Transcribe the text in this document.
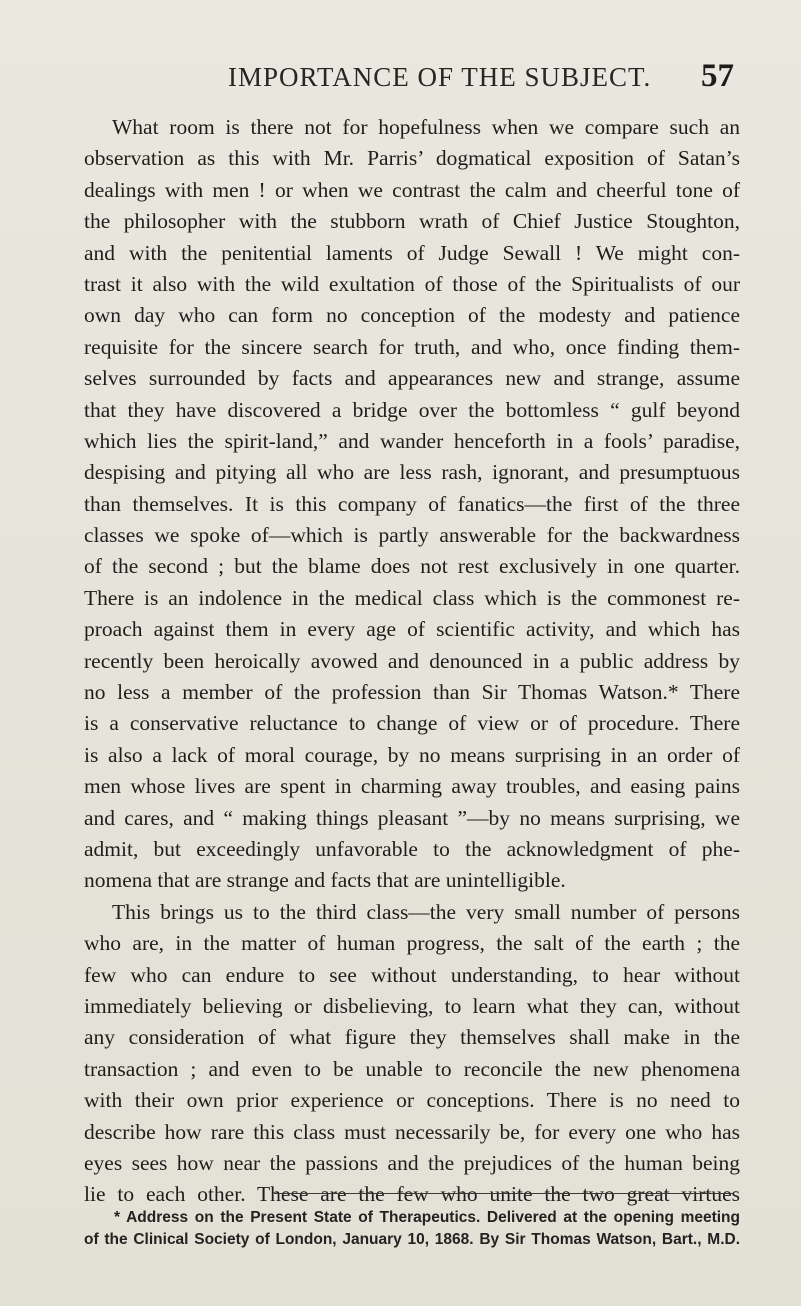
IMPORTANCE OF THE SUBJECT. 57
What room is there not for hopefulness when we compare such an
observation as this with Mr. Parris’ dogmatical exposition of Satan’s
dealings with men ! or when we contrast the calm and cheerful tone of
the philosopher with the stubborn wrath of Chief Justice Stoughton,
and with the penitential laments of Judge Sewall ! We might con-
trast it also with the wild exultation of those of the Spiritualists of our
own day who can form no conception of the modesty and patience
requisite for the sincere search for truth, and who, once finding them-
selves surrounded by facts and appearances new and strange, assume
that they have discovered a bridge over the bottomless “ gulf beyond
which lies the spirit-land,” and wander henceforth in a fools’ paradise,
despising and pitying all who are less rash, ignorant, and presumptuous
than themselves. It is this company of fanatics—the first of the three
classes we spoke of—which is partly answerable for the backwardness
of the second ; but the blame does not rest exclusively in one quarter.
There is an indolence in the medical class which is the commonest re-
proach against them in every age of scientific activity, and which has
recently been heroically avowed and denounced in a public address by
no less a member of the profession than Sir Thomas Watson.* There
is a conservative reluctance to change of view or of procedure. There
is also a lack of moral courage, by no means surprising in an order of
men whose lives are spent in charming away troubles, and easing pains
and cares, and “ making things pleasant ”—by no means surprising, we
admit, but exceedingly unfavorable to the acknowledgment of phe-
nomena that are strange and facts that are unintelligible.
This brings us to the third class—the very small number of persons
who are, in the matter of human progress, the salt of the earth ; the
few who can endure to see without understanding, to hear without
immediately believing or disbelieving, to learn what they can, without
any consideration of what figure they themselves shall make in the
transaction ; and even to be unable to reconcile the new phenomena
with their own prior experience or conceptions. There is no need to
describe how rare this class must necessarily be, for every one who has
eyes sees how near the passions and the prejudices of the human being
lie to each other. These are the few who unite the two great virtues
* Address on the Present State of Therapeutics. Delivered at the opening meeting
of the Clinical Society of London, January 10, 1868. By Sir Thomas Watson, Bart., M.D.
